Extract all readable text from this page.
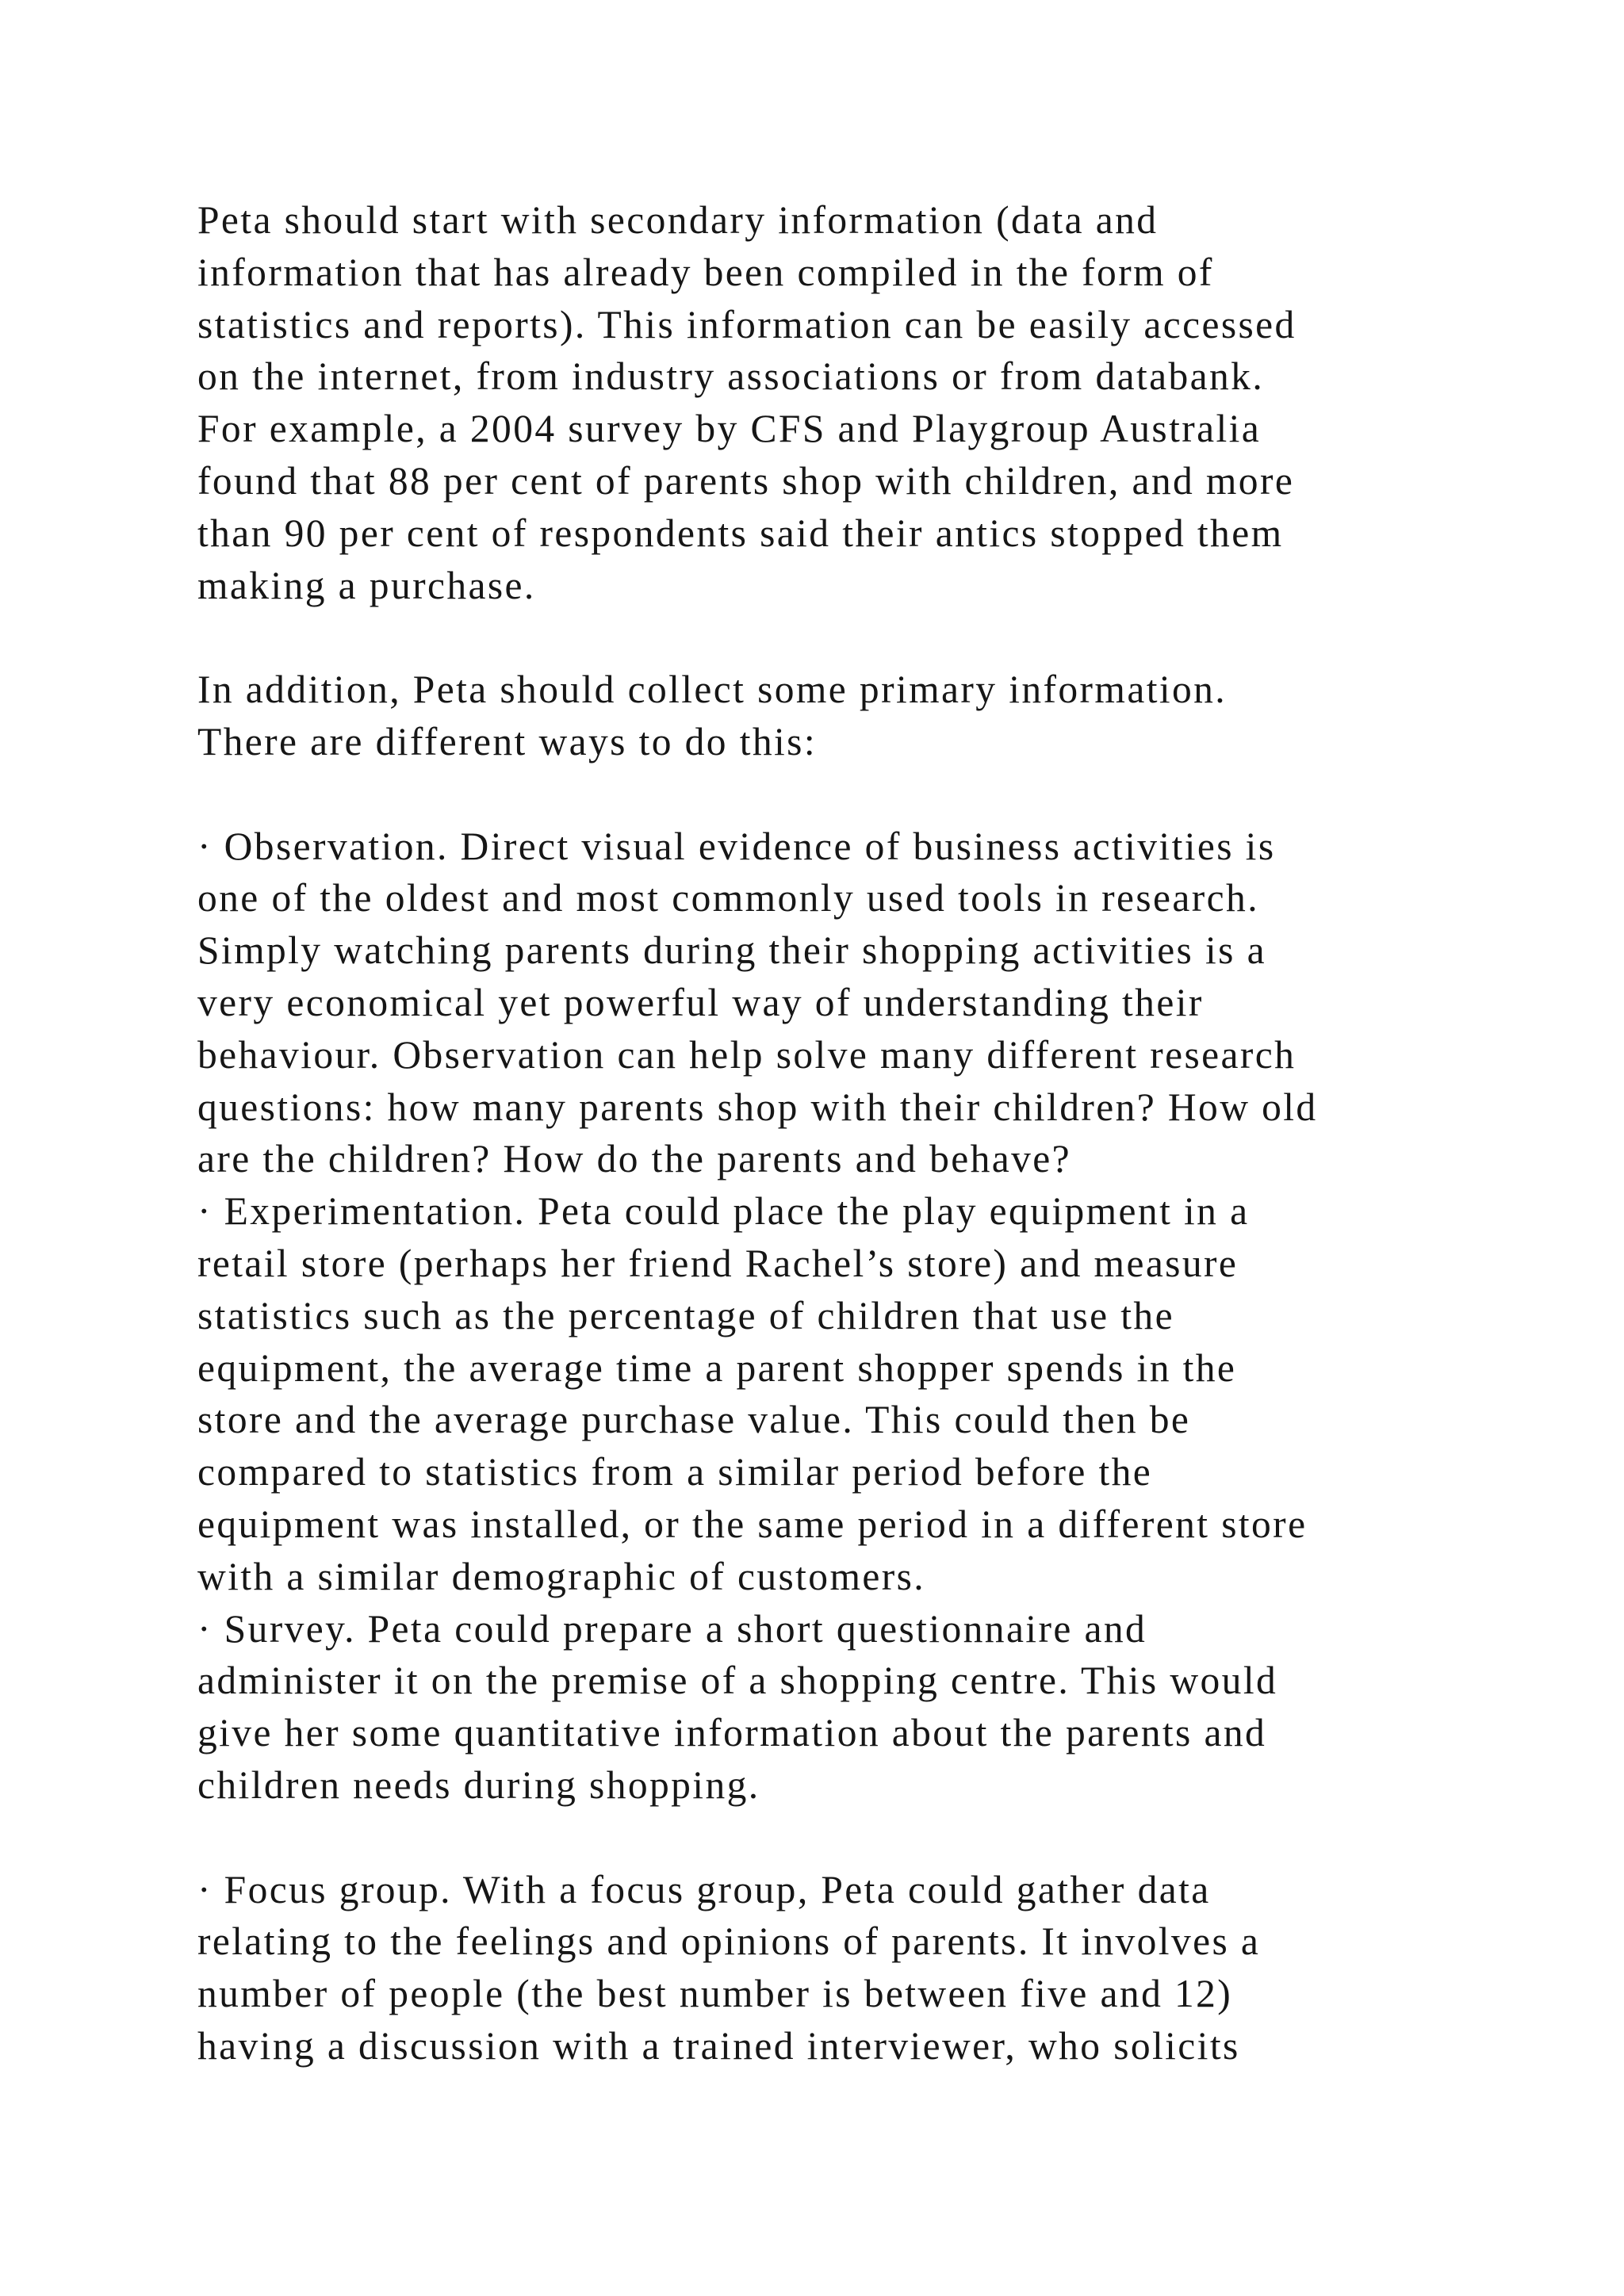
Peta should start with secondary information (data and
information that has already been compiled in the form of
statistics and reports). This information can be easily accessed
on the internet, from industry associations or from databank.
For example, a 2004 survey by CFS and Playgroup Australia
found that 88 per cent of parents shop with children, and more
than 90 per cent of respondents said their antics stopped them
making a purchase.
In addition, Peta should collect some primary information.
There are different ways to do this:
· Observation. Direct visual evidence of business activities is
one of the oldest and most commonly used tools in research.
Simply watching parents during their shopping activities is a
very economical yet powerful way of understanding their
behaviour. Observation can help solve many different research
questions: how many parents shop with their children? How old
are the children? How do the parents and behave?
· Experimentation. Peta could place the play equipment in a
retail store (perhaps her friend Rachel’s store) and measure
statistics such as the percentage of children that use the
equipment, the average time a parent shopper spends in the
store and the average purchase value. This could then be
compared to statistics from a similar period before the
equipment was installed, or the same period in a different store
with a similar demographic of customers.
· Survey. Peta could prepare a short questionnaire and
administer it on the premise of a shopping centre. This would
give her some quantitative information about the parents and
children needs during shopping.
· Focus group. With a focus group, Peta could gather data
relating to the feelings and opinions of parents. It involves a
number of people (the best number is between five and 12)
having a discussion with a trained interviewer, who solicits
